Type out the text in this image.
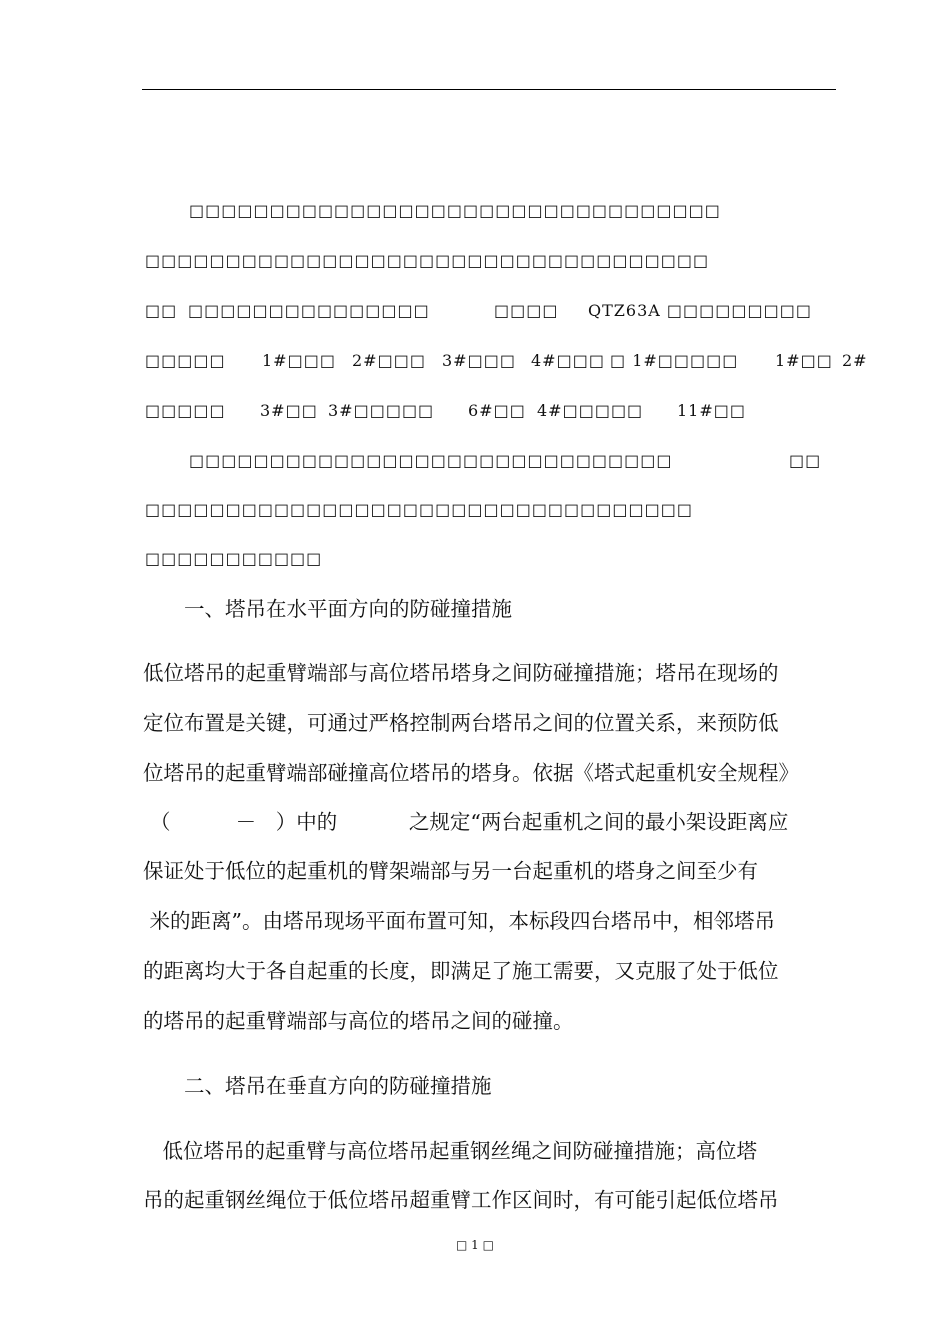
□□□□□□□□□□□□□□□□□□□□□□□□□□□□□□□□□
□□□□□□□□□□□□□□□□□□□□□□□□□□□□□□□□□□□
□□ □□□□□□□□□□□□□□□	□□□□ QTZ63A □□□□□□□□□
□□□□□ 1#□□□ 2#□□□ 3#□□□ 4#□□□ □ 1#□□□□□ 1#□□ 2#
□□□□□ 3#□□ 3#□□□□□ 6#□□ 4#□□□□□ 11#□□
□□□□□□□□□□□□□□□□□□□□□□□□□□□□□□	□□
□□□□□□□□□□□□□□□□□□□□□□□□□□□□□□□□□□
□□□□□□□□□□□
一、塔吊在水平面方向的防碰撞措施
低位塔吊的起重臂端部与高位塔吊塔身之间防碰撞措施；塔吊在现场的
定位布置是关键，可通过严格控制两台塔吊之间的位置关系，来预防低
位塔吊的起重臂端部碰撞高位塔吊的塔身。依据《塔式起重机安全规程》
（          －   ）中的           之规定“两台起重机之间的最小架设距离应
保证处于低位的起重机的臂架端部与另一台起重机的塔身之间至少有
米的距离”。由塔吊现场平面布置可知，本标段四台塔吊中，相邻塔吊
的距离均大于各自起重的长度，即满足了施工需要，又克服了处于低位
的塔吊的起重臂端部与高位的塔吊之间的碰撞。
二、塔吊在垂直方向的防碰撞措施
低位塔吊的起重臂与高位塔吊起重钢丝绳之间防碰撞措施；高位塔
吊的起重钢丝绳位于低位塔吊超重臂工作区间时，有可能引起低位塔吊
□ 1 □
